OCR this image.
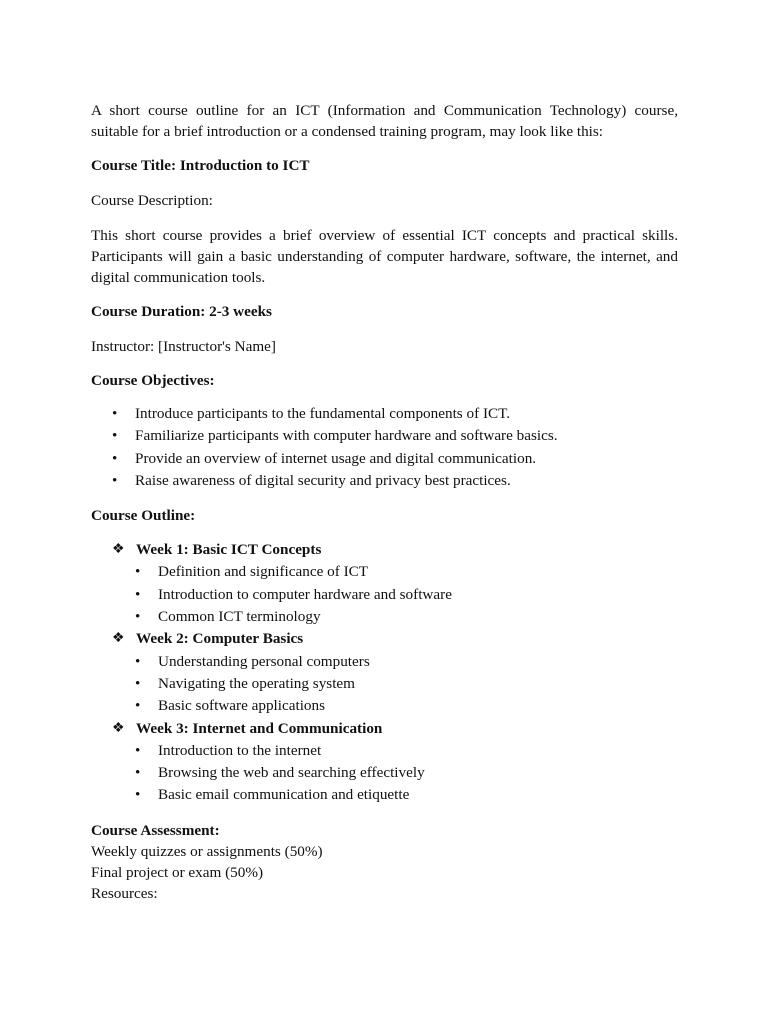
A short course outline for an ICT (Information and Communication Technology) course, suitable for a brief introduction or a condensed training program, may look like this:

Course Title: Introduction to ICT

Course Description:

This short course provides a brief overview of essential ICT concepts and practical skills. Participants will gain a basic understanding of computer hardware, software, the internet, and digital communication tools.

Course Duration: 2-3 weeks

Instructor: [Instructor's Name]

Course Objectives:

• Introduce participants to the fundamental components of ICT.
• Familiarize participants with computer hardware and software basics.
• Provide an overview of internet usage and digital communication.
• Raise awareness of digital security and privacy best practices.

Course Outline:

❖ Week 1: Basic ICT Concepts
• Definition and significance of ICT
• Introduction to computer hardware and software
• Common ICT terminology
❖ Week 2: Computer Basics
• Understanding personal computers
• Navigating the operating system
• Basic software applications
❖ Week 3: Internet and Communication
• Introduction to the internet
• Browsing the web and searching effectively
• Basic email communication and etiquette

Course Assessment:

Weekly quizzes or assignments (50%)

Final project or exam (50%)

Resources:
